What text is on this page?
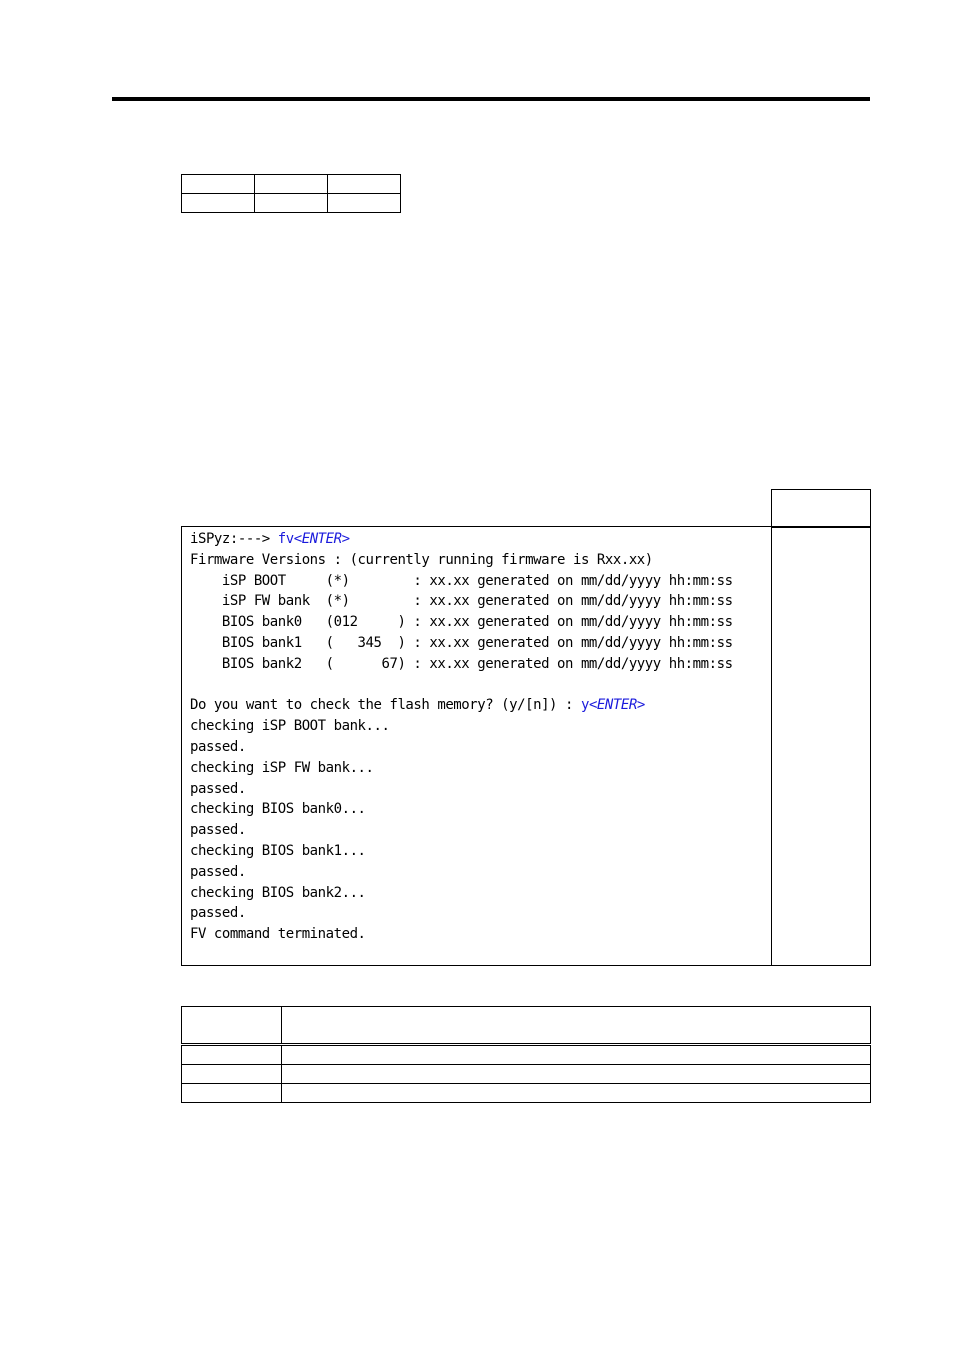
iSPyz:---> fv<ENTER>
Firmware Versions : (currently running firmware is Rxx.xx)
iSP BOOT     (*)        : xx.xx generated on mm/dd/yyyy hh:mm:ss
iSP FW bank  (*)        : xx.xx generated on mm/dd/yyyy hh:mm:ss
BIOS bank0   (012     ) : xx.xx generated on mm/dd/yyyy hh:mm:ss
BIOS bank1   (   345  ) : xx.xx generated on mm/dd/yyyy hh:mm:ss
BIOS bank2   (      67) : xx.xx generated on mm/dd/yyyy hh:mm:ss

Do you want to check the flash memory? (y/[n]) : y<ENTER>
checking iSP BOOT bank...
passed.
checking iSP FW bank...
passed.
checking BIOS bank0...
passed.
checking BIOS bank1...
passed.
checking BIOS bank2...
passed.
FV command terminated.
